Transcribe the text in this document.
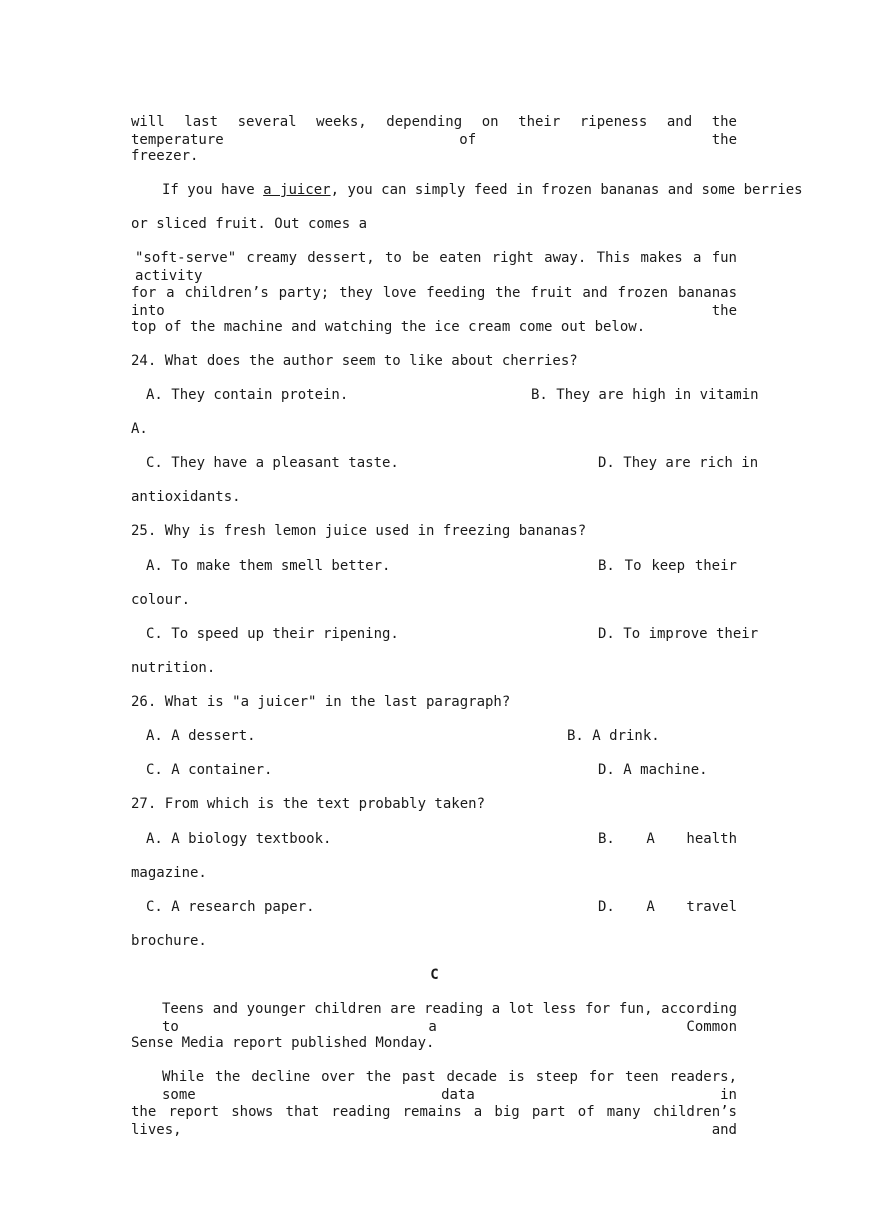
will last several weeks, depending on their ripeness and the temperature of the
freezer.
If you have a juicer, you can simply feed in frozen bananas and some berries
or sliced fruit. Out comes a
"soft-serve" creamy dessert, to be eaten right away. This makes a fun activity
for a children’s party; they love feeding the fruit and frozen bananas into the
top of the machine and watching the ice cream come out below.
24. What does the author seem to like about cherries?
A. They contain protein.	B. They are high in vitamin
A.
C. They have a pleasant taste.	D. They are rich in
antioxidants.
25. Why is fresh lemon juice used in freezing bananas?
A. To make them smell better.	B. To keep their
colour.
C. To speed up their ripening.	D. To improve their
nutrition.
26. What is "a juicer" in the last paragraph?
A. A dessert.	B. A drink.
C. A container.	D. A machine.
27. From which is the text probably taken?
A. A biology textbook.	B. A health
magazine.
C. A research paper.	D. A travel
brochure.
C
Teens and younger children are reading a lot less for fun, according to a Common
Sense Media report published Monday.
While the decline over the past decade is steep for teen readers, some data in
the report shows that reading remains a big part of many children’s lives, and
